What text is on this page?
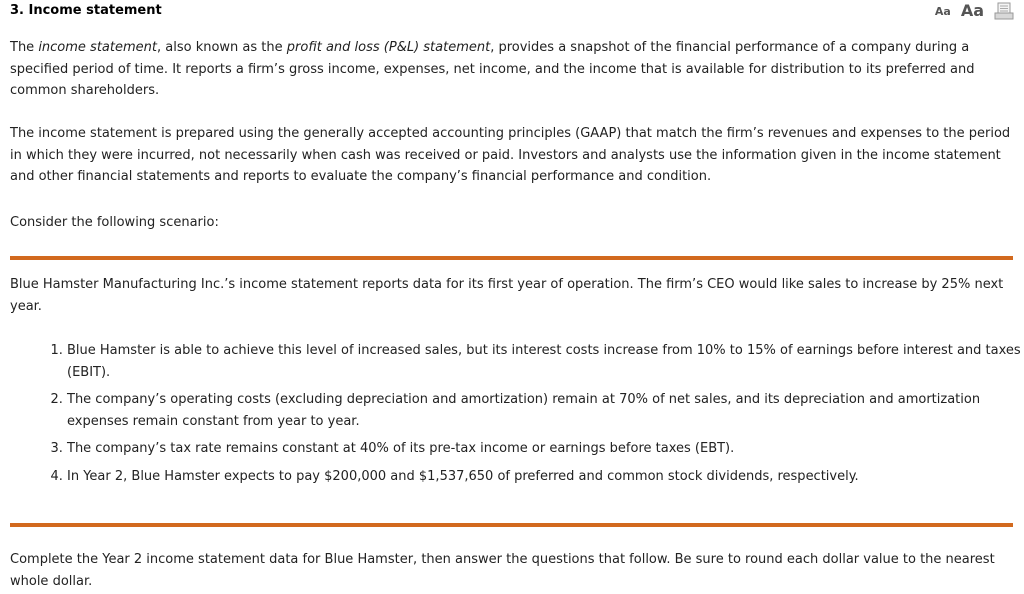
3. Income statement	Aa Aa

The income statement, also known as the profit and loss (P&L) statement, provides a snapshot of the financial performance of a company during a specified period of time. It reports a firm’s gross income, expenses, net income, and the income that is available for distribution to its preferred and common shareholders.

The income statement is prepared using the generally accepted accounting principles (GAAP) that match the firm’s revenues and expenses to the period in which they were incurred, not necessarily when cash was received or paid. Investors and analysts use the information given in the income statement and other financial statements and reports to evaluate the company’s financial performance and condition.

Consider the following scenario:

Blue Hamster Manufacturing Inc.’s income statement reports data for its first year of operation. The firm’s CEO would like sales to increase by 25% next year.

1. Blue Hamster is able to achieve this level of increased sales, but its interest costs increase from 10% to 15% of earnings before interest and taxes (EBIT).
2. The company’s operating costs (excluding depreciation and amortization) remain at 70% of net sales, and its depreciation and amortization expenses remain constant from year to year.
3. The company’s tax rate remains constant at 40% of its pre-tax income or earnings before taxes (EBT).
4. In Year 2, Blue Hamster expects to pay $200,000 and $1,537,650 of preferred and common stock dividends, respectively.

Complete the Year 2 income statement data for Blue Hamster, then answer the questions that follow. Be sure to round each dollar value to the nearest whole dollar.
